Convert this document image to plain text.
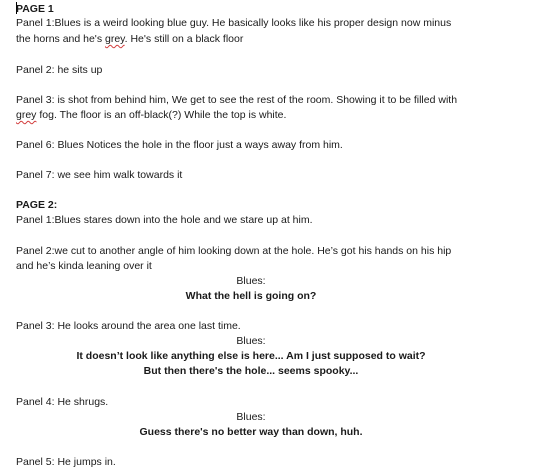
PAGE 1
Panel 1:Blues is a weird looking blue guy. He basically looks like his proper design now minus
the horns and he's grey. He's still on a black floor
Panel 2: he sits up
Panel 3: is shot from behind him, We get to see the rest of the room. Showing it to be filled with
grey fog. The floor is an off-black(?) While the top is white.
Panel 6: Blues Notices the hole in the floor just a ways away from him.
Panel 7: we see him walk towards it
PAGE 2:
Panel 1:Blues stares down into the hole and we stare up at him.
Panel 2:we cut to another angle of him looking down at the hole. He’s got his hands on his hip
and he’s kinda leaning over it
Blues:
What the hell is going on?
Panel 3: He looks around the area one last time.
Blues:
It doesn’t look like anything else is here... Am I just supposed to wait?
But then there's the hole... seems spooky...
Panel 4: He shrugs.
Blues:
Guess there's no better way than down, huh.
Panel 5: He jumps in.
